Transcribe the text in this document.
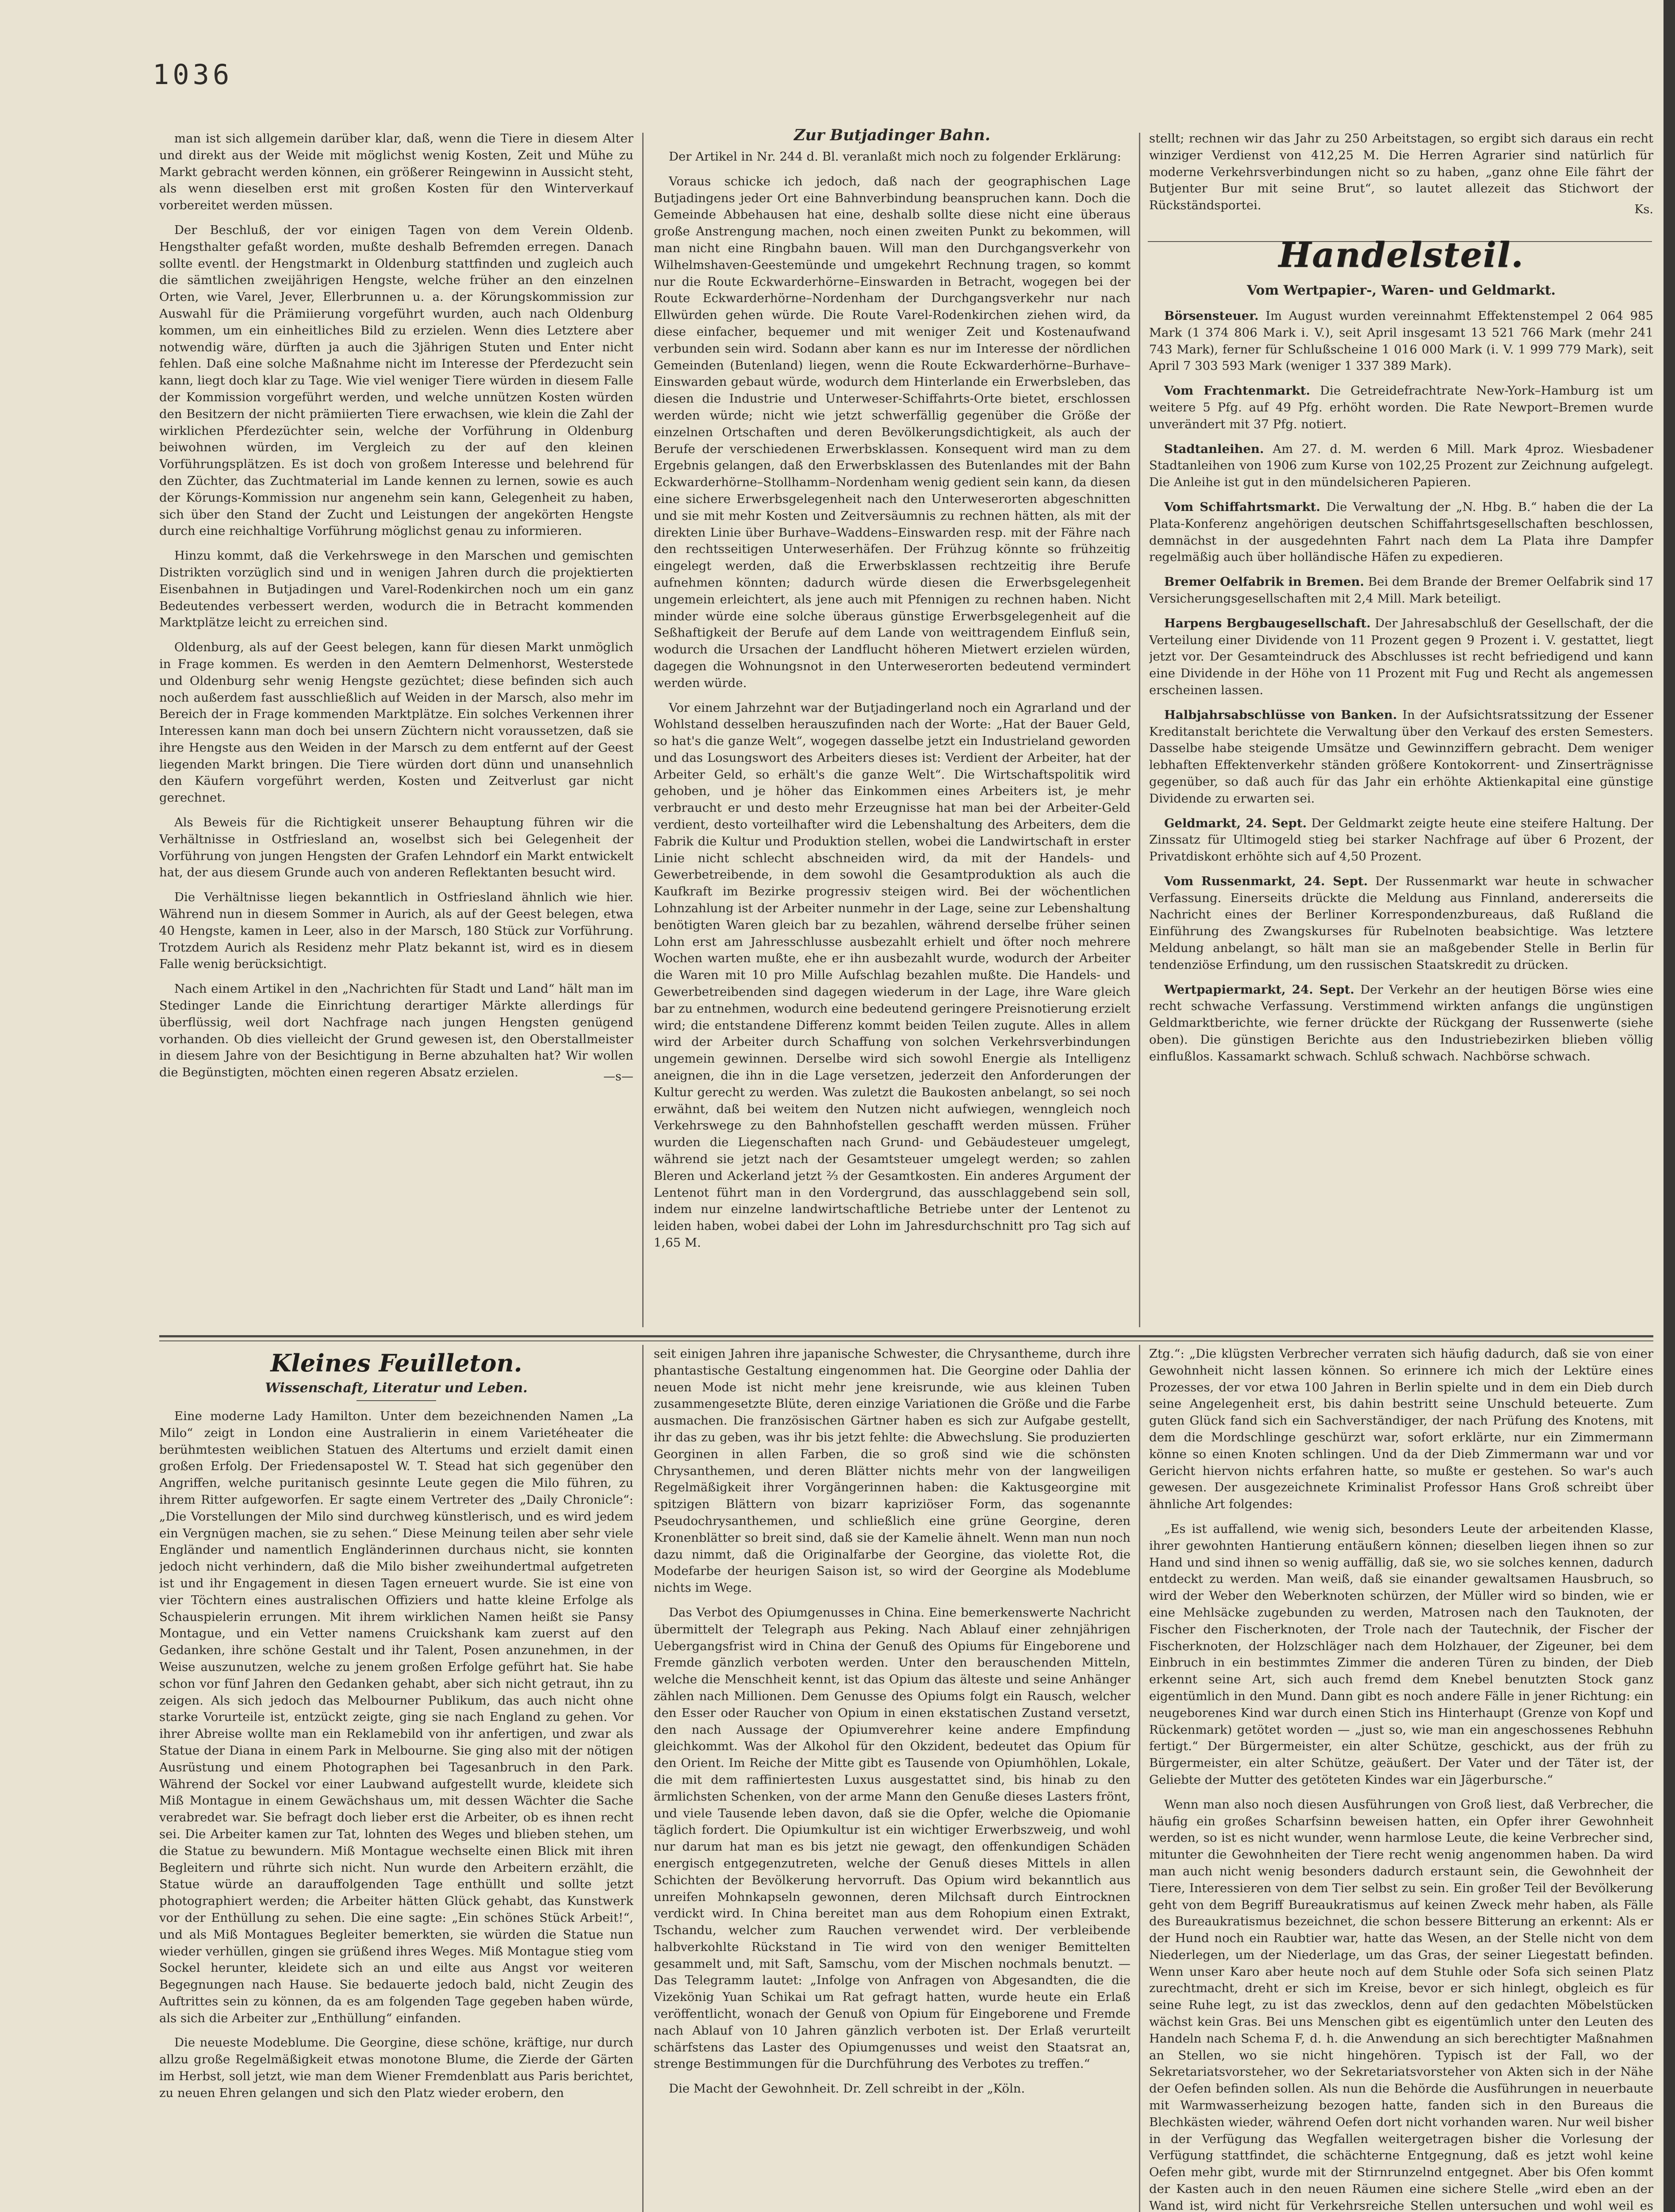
1036

man ist sich allgemein darüber klar, daß, wenn die Tiere in diesem Alter und direkt aus der Weide mit möglichst wenig Kosten, Zeit und Mühe zu Markt gebracht werden können, ein größerer Reingewinn in Aussicht steht, als wenn dieselben erst mit großen Kosten für den Winterverkauf vorbereitet werden müssen.

Der Beschluß, der vor einigen Tagen von dem Verein Oldenb. Hengsthalter gefaßt worden, mußte deshalb Befremden erregen. Danach sollte eventl. der Hengstmarkt in Oldenburg stattfinden und zugleich auch die sämtlichen zweijährigen Hengste, welche früher an den einzelnen Orten, wie Varel, Jever, Ellerbrunnen u. a. der Körungskommission zur Auswahl für die Prämiierung vorgeführt wurden, auch nach Oldenburg kommen, um ein einheitliches Bild zu erzielen. Wenn dies Letztere aber notwendig wäre, dürften ja auch die 3jährigen Stuten und Enter nicht fehlen. Daß eine solche Maßnahme nicht im Interesse der Pferdezucht sein kann, liegt doch klar zu Tage. Wie viel weniger Tiere würden in diesem Falle der Kommission vorgeführt werden, und welche unnützen Kosten würden den Besitzern der nicht prämiierten Tiere erwachsen, wie klein die Zahl der wirklichen Pferdezüchter sein, welche der Vorführung in Oldenburg beiwohnen würden, im Vergleich zu der auf den kleinen Vorführungsplätzen. Es ist doch von großem Interesse und belehrend für den Züchter, das Zuchtmaterial im Lande kennen zu lernen, sowie es auch der Körungs-Kommission nur angenehm sein kann, Gelegenheit zu haben, sich über den Stand der Zucht und Leistungen der angekörten Hengste durch eine reichhaltige Vorführung möglichst genau zu informieren.

Hinzu kommt, daß die Verkehrswege in den Marschen und gemischten Distrikten vorzüglich sind und in wenigen Jahren durch die projektierten Eisenbahnen in Butjadingen und Varel-Rodenkirchen noch um ein ganz Bedeutendes verbessert werden, wodurch die in Betracht kommenden Marktplätze leicht zu erreichen sind.

Oldenburg, als auf der Geest belegen, kann für diesen Markt unmöglich in Frage kommen. Es werden in den Aemtern Delmenhorst, Westerstede und Oldenburg sehr wenig Hengste gezüchtet; diese befinden sich auch noch außerdem fast ausschließlich auf Weiden in der Marsch, also mehr im Bereich der in Frage kommenden Marktplätze. Ein solches Verkennen ihrer Interessen kann man doch bei unsern Züchtern nicht voraussetzen, daß sie ihre Hengste aus den Weiden in der Marsch zu dem entfernt auf der Geest liegenden Markt bringen. Die Tiere würden dort dünn und unansehnlich den Käufern vorgeführt werden, Kosten und Zeitverlust gar nicht gerechnet.

Als Beweis für die Richtigkeit unserer Behauptung führen wir die Verhältnisse in Ostfriesland an, woselbst sich bei Gelegenheit der Vorführung von jungen Hengsten der Grafen Lehndorf ein Markt entwickelt hat, der aus diesem Grunde auch von anderen Reflektanten besucht wird.

Die Verhältnisse liegen bekanntlich in Ostfriesland ähnlich wie hier. Während nun in diesem Sommer in Aurich, als auf der Geest belegen, etwa 40 Hengste, kamen in Leer, also in der Marsch, 180 Stück zur Vorführung. Trotzdem Aurich als Residenz mehr Platz bekannt ist, wird es in diesem Falle wenig berücksichtigt.

Nach einem Artikel in den „Nachrichten für Stadt und Land“ hält man im Stedinger Lande die Einrichtung derartiger Märkte allerdings für überflüssig, weil dort Nachfrage nach jungen Hengsten genügend vorhanden. Ob dies vielleicht der Grund gewesen ist, den Oberstallmeister in diesem Jahre von der Besichtigung in Berne abzuhalten hat? Wir wollen die Begünstigten, möchten einen regeren Absatz erzielen.	—s—
Zur Butjadinger Bahn.

Der Artikel in Nr. 244 d. Bl. veranlaßt mich noch zu folgender Erklärung:

Voraus schicke ich jedoch, daß nach der geographischen Lage Butjadingens jeder Ort eine Bahnverbindung beanspruchen kann. Doch die Gemeinde Abbehausen hat eine, deshalb sollte diese nicht eine überaus große Anstrengung machen, noch einen zweiten Punkt zu bekommen, will man nicht eine Ringbahn bauen. Will man den Durchgangsverkehr von Wilhelmshaven-Geestemünde und umgekehrt Rechnung tragen, so kommt nur die Route Eckwarderhörne–Einswarden in Betracht, wogegen bei der Route Eckwarderhörne–Nordenham der Durchgangsverkehr nur nach Ellwürden gehen würde. Die Route Varel-Rodenkirchen ziehen wird, da diese einfacher, bequemer und mit weniger Zeit und Kostenaufwand verbunden sein wird. Sodann aber kann es nur im Interesse der nördlichen Gemeinden (Butenland) liegen, wenn die Route Eckwarderhörne–Burhave–Einswarden gebaut würde, wodurch dem Hinterlande ein Erwerbsleben, das diesen die Industrie und Unterweser-Schiffahrts-Orte bietet, erschlossen werden würde; nicht wie jetzt schwerfällig gegenüber die Größe der einzelnen Ortschaften und deren Bevölkerungsdichtigkeit, als auch der Berufe der verschiedenen Erwerbsklassen. Konsequent wird man zu dem Ergebnis gelangen, daß den Erwerbsklassen des Butenlandes mit der Bahn Eckwarderhörne–Stollhamm–Nordenham wenig gedient sein kann, da diesen eine sichere Erwerbsgelegenheit nach den Unterweserorten abgeschnitten und sie mit mehr Kosten und Zeitversäumnis zu rechnen hätten, als mit der direkten Linie über Burhave–Waddens–Einswarden resp. mit der Fähre nach den rechtsseitigen Unterweserhäfen. Der Frühzug könnte so frühzeitig eingelegt werden, daß die Erwerbsklassen rechtzeitig ihre Berufe aufnehmen könnten; dadurch würde diesen die Erwerbsgelegenheit ungemein erleichtert, als jene auch mit Pfennigen zu rechnen haben. Nicht minder würde eine solche überaus günstige Erwerbsgelegenheit auf die Seßhaftigkeit der Berufe auf dem Lande von weittragendem Einfluß sein, wodurch die Ursachen der Landflucht höheren Mietwert erzielen würden, dagegen die Wohnungsnot in den Unterweserorten bedeutend vermindert werden würde.

Vor einem Jahrzehnt war der Butjadingerland noch ein Agrarland und der Wohlstand desselben herauszufinden nach der Worte: „Hat der Bauer Geld, so hat's die ganze Welt“, wogegen dasselbe jetzt ein Industrieland geworden und das Losungswort des Arbeiters dieses ist: Verdient der Arbeiter, hat der Arbeiter Geld, so erhält's die ganze Welt“. Die Wirtschaftspolitik wird gehoben, und je höher das Einkommen eines Arbeiters ist, je mehr verbraucht er und desto mehr Erzeugnisse hat man bei der Arbeiter-Geld verdient, desto vorteilhafter wird die Lebenshaltung des Arbeiters, dem die Fabrik die Kultur und Produktion stellen, wobei die Landwirtschaft in erster Linie nicht schlecht abschneiden wird, da mit der Handels- und Gewerbetreibende, in dem sowohl die Gesamtproduktion als auch die Kaufkraft im Bezirke progressiv steigen wird. Bei der wöchentlichen Lohnzahlung ist der Arbeiter nunmehr in der Lage, seine zur Lebenshaltung benötigten Waren gleich bar zu bezahlen, während derselbe früher seinen Lohn erst am Jahresschlusse ausbezahlt erhielt und öfter noch mehrere Wochen warten mußte, ehe er ihn ausbezahlt wurde, wodurch der Arbeiter die Waren mit 10 pro Mille Aufschlag bezahlen mußte. Die Handels- und Gewerbetreibenden sind dagegen wiederum in der Lage, ihre Ware gleich bar zu entnehmen, wodurch eine bedeutend geringere Preisnotierung erzielt wird; die entstandene Differenz kommt beiden Teilen zugute. Alles in allem wird der Arbeiter durch Schaffung von solchen Verkehrsverbindungen ungemein gewinnen. Derselbe wird sich sowohl Energie als Intelligenz aneignen, die ihn in die Lage versetzen, jederzeit den Anforderungen der Kultur gerecht zu werden. Was zuletzt die Baukosten anbelangt, so sei noch erwähnt, daß bei weitem den Nutzen nicht aufwiegen, wenngleich noch Verkehrswege zu den Bahnhofstellen geschafft werden müssen. Früher wurden die Liegenschaften nach Grund- und Gebäudesteuer umgelegt, während sie jetzt nach der Gesamtsteuer umgelegt werden; so zahlen Bleren und Ackerland jetzt ⅔ der Gesamtkosten. Ein anderes Argument der Lentenot führt man in den Vordergrund, das ausschlaggebend sein soll, indem nur einzelne landwirtschaftliche Betriebe unter der Lentenot zu leiden haben, wobei dabei der Lohn im Jahresdurchschnitt pro Tag sich auf 1,65 M.

stellt; rechnen wir das Jahr zu 250 Arbeitstagen, so ergibt sich daraus ein recht winziger Verdienst von 412,25 M. Die Herren Agrarier sind natürlich für moderne Verkehrsverbindungen nicht so zu haben, „ganz ohne Eile fährt der Butjenter Bur mit seine Brut“, so lautet allezeit das Stichwort der Rückständsportei.	Ks.
Handelsteil.
Vom Wertpapier-, Waren- und Geldmarkt.

Börsensteuer. Im August wurden vereinnahmt Effektenstempel 2 064 985 Mark (1 374 806 Mark i. V.), seit April insgesamt 13 521 766 Mark (mehr 241 743 Mark), ferner für Schlußscheine 1 016 000 Mark (i. V. 1 999 779 Mark), seit April 7 303 593 Mark (weniger 1 337 389 Mark).

Vom Frachtenmarkt. Die Getreidefrachtrate New-York–Hamburg ist um weitere 5 Pfg. auf 49 Pfg. erhöht worden. Die Rate Newport–Bremen wurde unverändert mit 37 Pfg. notiert.

Stadtanleihen. Am 27. d. M. werden 6 Mill. Mark 4proz. Wiesbadener Stadtanleihen von 1906 zum Kurse von 102,25 Prozent zur Zeichnung aufgelegt. Die Anleihe ist gut in den mündelsicheren Papieren.

Vom Schiffahrtsmarkt. Die Verwaltung der „N. Hbg. B.“ haben die der La Plata-Konferenz angehörigen deutschen Schiffahrtsgesellschaften beschlossen, demnächst in der ausgedehnten Fahrt nach dem La Plata ihre Dampfer regelmäßig auch über holländische Häfen zu expedieren.

Bremer Oelfabrik in Bremen. Bei dem Brande der Bremer Oelfabrik sind 17 Versicherungsgesellschaften mit 2,4 Mill. Mark beteiligt.

Harpens Bergbaugesellschaft. Der Jahresabschluß der Gesellschaft, der die Verteilung einer Dividende von 11 Prozent gegen 9 Prozent i. V. gestattet, liegt jetzt vor. Der Gesamteindruck des Abschlusses ist recht befriedigend und kann eine Dividende in der Höhe von 11 Prozent mit Fug und Recht als angemessen erscheinen lassen.

Halbjahrsabschlüsse von Banken. In der Aufsichtsratssitzung der Essener Kreditanstalt berichtete die Verwaltung über den Verkauf des ersten Semesters. Dasselbe habe steigende Umsätze und Gewinnziffern gebracht. Dem weniger lebhaften Effektenverkehr ständen größere Kontokorrent- und Zinserträgnisse gegenüber, so daß auch für das Jahr ein erhöhte Aktienkapital eine günstige Dividende zu erwarten sei.

Geldmarkt, 24. Sept. Der Geldmarkt zeigte heute eine steifere Haltung. Der Zinssatz für Ultimogeld stieg bei starker Nachfrage auf über 6 Prozent, der Privatdiskont erhöhte sich auf 4,50 Prozent.

Vom Russenmarkt, 24. Sept. Der Russenmarkt war heute in schwacher Verfassung. Einerseits drückte die Meldung aus Finnland, andererseits die Nachricht eines der Berliner Korrespondenzbureaus, daß Rußland die Einführung des Zwangskurses für Rubelnoten beabsichtige. Was letztere Meldung anbelangt, so hält man sie an maßgebender Stelle in Berlin für tendenziöse Erfindung, um den russischen Staatskredit zu drücken.

Wertpapiermarkt, 24. Sept. Der Verkehr an der heutigen Börse wies eine recht schwache Verfassung. Verstimmend wirkten anfangs die ungünstigen Geldmarktberichte, wie ferner drückte der Rückgang der Russenwerte (siehe oben). Die günstigen Berichte aus den Industriebezirken blieben völlig einflußlos. Kassamarkt schwach. Schluß schwach. Nachbörse schwach.

Kleines Feuilleton.
Wissenschaft, Literatur und Leben.

Eine moderne Lady Hamilton. Unter dem bezeichnenden Namen „La Milo“ zeigt in London eine Australierin in einem Varietéheater die berühmtesten weiblichen Statuen des Altertums und erzielt damit einen großen Erfolg. Der Friedensapostel W. T. Stead hat sich gegenüber den Angriffen, welche puritanisch gesinnte Leute gegen die Milo führen, zu ihrem Ritter aufgeworfen. Er sagte einem Vertreter des „Daily Chronicle“: „Die Vorstellungen der Milo sind durchweg künstlerisch, und es wird jedem ein Vergnügen machen, sie zu sehen.“ Diese Meinung teilen aber sehr viele Engländer und namentlich Engländerinnen durchaus nicht, sie konnten jedoch nicht verhindern, daß die Milo bisher zweihundertmal aufgetreten ist und ihr Engagement in diesen Tagen erneuert wurde. Sie ist eine von vier Töchtern eines australischen Offiziers und hatte kleine Erfolge als Schauspielerin errungen. Mit ihrem wirklichen Namen heißt sie Pansy Montague, und ein Vetter namens Cruickshank kam zuerst auf den Gedanken, ihre schöne Gestalt und ihr Talent, Posen anzunehmen, in der Weise auszunutzen, welche zu jenem großen Erfolge geführt hat. Sie habe schon vor fünf Jahren den Gedanken gehabt, aber sich nicht getraut, ihn zu zeigen. Als sich jedoch das Melbourner Publikum, das auch nicht ohne starke Vorurteile ist, entzückt zeigte, ging sie nach England zu gehen. Vor ihrer Abreise wollte man ein Reklamebild von ihr anfertigen, und zwar als Statue der Diana in einem Park in Melbourne. Sie ging also mit der nötigen Ausrüstung und einem Photographen bei Tagesanbruch in den Park. Während der Sockel vor einer Laubwand aufgestellt wurde, kleidete sich Miß Montague in einem Gewächshaus um, mit dessen Wächter die Sache verabredet war. Sie befragt doch lieber erst die Arbeiter, ob es ihnen recht sei. Die Arbeiter kamen zur Tat, lohnten des Weges und blieben stehen, um die Statue zu bewundern. Miß Montague wechselte einen Blick mit ihren Begleitern und rührte sich nicht. Nun wurde den Arbeitern erzählt, die Statue würde an darauffolgenden Tage enthüllt und sollte jetzt photographiert werden; die Arbeiter hätten Glück gehabt, das Kunstwerk vor der Enthüllung zu sehen. Die eine sagte: „Ein schönes Stück Arbeit!“, und als Miß Montagues Begleiter bemerkten, sie würden die Statue nun wieder verhüllen, gingen sie grüßend ihres Weges. Miß Montague stieg vom Sockel herunter, kleidete sich an und eilte aus Angst vor weiteren Begegnungen nach Hause. Sie bedauerte jedoch bald, nicht Zeugin des Auftrittes sein zu können, da es am folgenden Tage gegeben haben würde, als sich die Arbeiter zur „Enthüllung“ einfanden.

Die neueste Modeblume. Die Georgine, diese schöne, kräftige, nur durch allzu große Regelmäßigkeit etwas monotone Blume, die Zierde der Gärten im Herbst, soll jetzt, wie man dem Wiener Fremdenblatt aus Paris berichtet, zu neuen Ehren gelangen und sich den Platz wieder erobern, den

seit einigen Jahren ihre japanische Schwester, die Chrysantheme, durch ihre phantastische Gestaltung eingenommen hat. Die Georgine oder Dahlia der neuen Mode ist nicht mehr jene kreisrunde, wie aus kleinen Tuben zusammengesetzte Blüte, deren einzige Variationen die Größe und die Farbe ausmachen. Die französischen Gärtner haben es sich zur Aufgabe gestellt, ihr das zu geben, was ihr bis jetzt fehlte: die Abwechslung. Sie produzierten Georginen in allen Farben, die so groß sind wie die schönsten Chrysanthemen, und deren Blätter nichts mehr von der langweiligen Regelmäßigkeit ihrer Vorgängerinnen haben: die Kaktusgeorgine mit spitzigen Blättern von bizarr kapriziöser Form, das sogenannte Pseudochrysanthemen, und schließlich eine grüne Georgine, deren Kronenblätter so breit sind, daß sie der Kamelie ähnelt. Wenn man nun noch dazu nimmt, daß die Originalfarbe der Georgine, das violette Rot, die Modefarbe der heurigen Saison ist, so wird der Georgine als Modeblume nichts im Wege.

Das Verbot des Opiumgenusses in China. Eine bemerkenswerte Nachricht übermittelt der Telegraph aus Peking. Nach Ablauf einer zehnjährigen Uebergangsfrist wird in China der Genuß des Opiums für Eingeborene und Fremde gänzlich verboten werden. Unter den berauschenden Mitteln, welche die Menschheit kennt, ist das Opium das älteste und seine Anhänger zählen nach Millionen. Dem Genusse des Opiums folgt ein Rausch, welcher den Esser oder Raucher von Opium in einen ekstatischen Zustand versetzt, den nach Aussage der Opiumverehrer keine andere Empfindung gleichkommt. Was der Alkohol für den Okzident, bedeutet das Opium für den Orient. Im Reiche der Mitte gibt es Tausende von Opiumhöhlen, Lokale, die mit dem raffiniertesten Luxus ausgestattet sind, bis hinab zu den ärmlichsten Schenken, von der arme Mann den Genuße dieses Lasters frönt, und viele Tausende leben davon, daß sie die Opfer, welche die Opiomanie täglich fordert. Die Opiumkultur ist ein wichtiger Erwerbszweig, und wohl nur darum hat man es bis jetzt nie gewagt, den offenkundigen Schäden energisch entgegenzutreten, welche der Genuß dieses Mittels in allen Schichten der Bevölkerung hervorruft. Das Opium wird bekanntlich aus unreifen Mohnkapseln gewonnen, deren Milchsaft durch Eintrocknen verdickt wird. In China bereitet man aus dem Rohopium einen Extrakt, Tschandu, welcher zum Rauchen verwendet wird. Der verbleibende halbverkohlte Rückstand in Tie wird von den weniger Bemittelten gesammelt und, mit Saft, Samschu, vom der Mischen nochmals benutzt. — Das Telegramm lautet: „Infolge von Anfragen von Abgesandten, die die Vizekönig Yuan Schikai um Rat gefragt hatten, wurde heute ein Erlaß veröffentlicht, wonach der Genuß von Opium für Eingeborene und Fremde nach Ablauf von 10 Jahren gänzlich verboten ist. Der Erlaß verurteilt schärfstens das Laster des Opiumgenusses und weist den Staatsrat an, strenge Bestimmungen für die Durchführung des Verbotes zu treffen.“

Die Macht der Gewohnheit. Dr. Zell schreibt in der „Köln.

Ztg.“: „Die klügsten Verbrecher verraten sich häufig dadurch, daß sie von einer Gewohnheit nicht lassen können. So erinnere ich mich der Lektüre eines Prozesses, der vor etwa 100 Jahren in Berlin spielte und in dem ein Dieb durch seine Angelegenheit erst, bis dahin bestritt seine Unschuld beteuerte. Zum guten Glück fand sich ein Sachverständiger, der nach Prüfung des Knotens, mit dem die Mordschlinge geschürzt war, sofort erklärte, nur ein Zimmermann könne so einen Knoten schlingen. Und da der Dieb Zimmermann war und vor Gericht hiervon nichts erfahren hatte, so mußte er gestehen. So war's auch gewesen. Der ausgezeichnete Kriminalist Professor Hans Groß schreibt über ähnliche Art folgendes:

„Es ist auffallend, wie wenig sich, besonders Leute der arbeitenden Klasse, ihrer gewohnten Hantierung entäußern können; dieselben liegen ihnen so zur Hand und sind ihnen so wenig auffällig, daß sie, wo sie solches kennen, dadurch entdeckt zu werden. Man weiß, daß sie einander gewaltsamen Hausbruch, so wird der Weber den Weberknoten schürzen, der Müller wird so binden, wie er eine Mehlsäcke zugebunden zu werden, Matrosen nach den Tauknoten, der Fischer den Fischerknoten, der Trole nach der Tautechnik, der Fischer der Fischerknoten, der Holzschläger nach dem Holzhauer, der Zigeuner, bei dem Einbruch in ein bestimmtes Zimmer die anderen Türen zu binden, der Dieb erkennt seine Art, sich auch fremd dem Knebel benutzten Stock ganz eigentümlich in den Mund. Dann gibt es noch andere Fälle in jener Richtung: ein neugeborenes Kind war durch einen Stich ins Hinterhaupt (Grenze von Kopf und Rückenmark) getötet worden — „just so, wie man ein angeschossenes Rebhuhn fertigt.“ Der Bürgermeister, ein alter Schütze, geschickt, aus der früh zu Bürgermeister, ein alter Schütze, geäußert. Der Vater und der Täter ist, der Geliebte der Mutter des getöteten Kindes war ein Jägerbursche.“

Wenn man also noch diesen Ausführungen von Groß liest, daß Verbrecher, die häufig ein großes Scharfsinn beweisen hatten, ein Opfer ihrer Gewohnheit werden, so ist es nicht wunder, wenn harmlose Leute, die keine Verbrecher sind, mitunter die Gewohnheiten der Tiere recht wenig angenommen haben. Da wird man auch nicht wenig besonders dadurch erstaunt sein, die Gewohnheit der Tiere, Interessieren von dem Tier selbst zu sein. Ein großer Teil der Bevölkerung geht von dem Begriff Bureaukratismus auf keinen Zweck mehr haben, als Fälle des Bureaukratismus bezeichnet, die schon bessere Bitterung an erkennt: Als er der Hund noch ein Raubtier war, hatte das Wesen, an der Stelle nicht von dem Niederlegen, um der Niederlage, um das Gras, der seiner Liegestatt befinden. Wenn unser Karo aber heute noch auf dem Stuhle oder Sofa sich seinen Platz zurechtmacht, dreht er sich im Kreise, bevor er sich hinlegt, obgleich es für seine Ruhe legt, zu ist das zwecklos, denn auf den gedachten Möbelstücken wächst kein Gras. Bei uns Menschen gibt es eigentümlich unter den Leuten des Handeln nach Schema F, d. h. die Anwendung an sich berechtigter Maßnahmen an Stellen, wo sie nicht hingehören. Typisch ist der Fall, wo der Sekretariatsvorsteher, wo der Sekretariatsvorsteher von Akten sich in der Nähe der Oefen befinden sollen. Als nun die Behörde die Ausführungen in neuerbaute mit Warmwasserheizung bezogen hatte, fanden sich in den Bureaus die Blechkästen wieder, während Oefen dort nicht vorhanden waren. Nur weil bisher in der Verfügung das Wegfallen weitergetragen bisher die Vorlesung der Verfügung stattfindet, die schächterne Entgegnung, daß es jetzt wohl keine Oefen mehr gibt, wurde mit der Stirnrunzelnd entgegnet. Aber bis Ofen kommt der Kasten auch in den neuen Räumen eine sichere Stelle „wird eben an der Wand ist, wird nicht für Verkehrsreiche Stellen untersuchen und wohl weil es
